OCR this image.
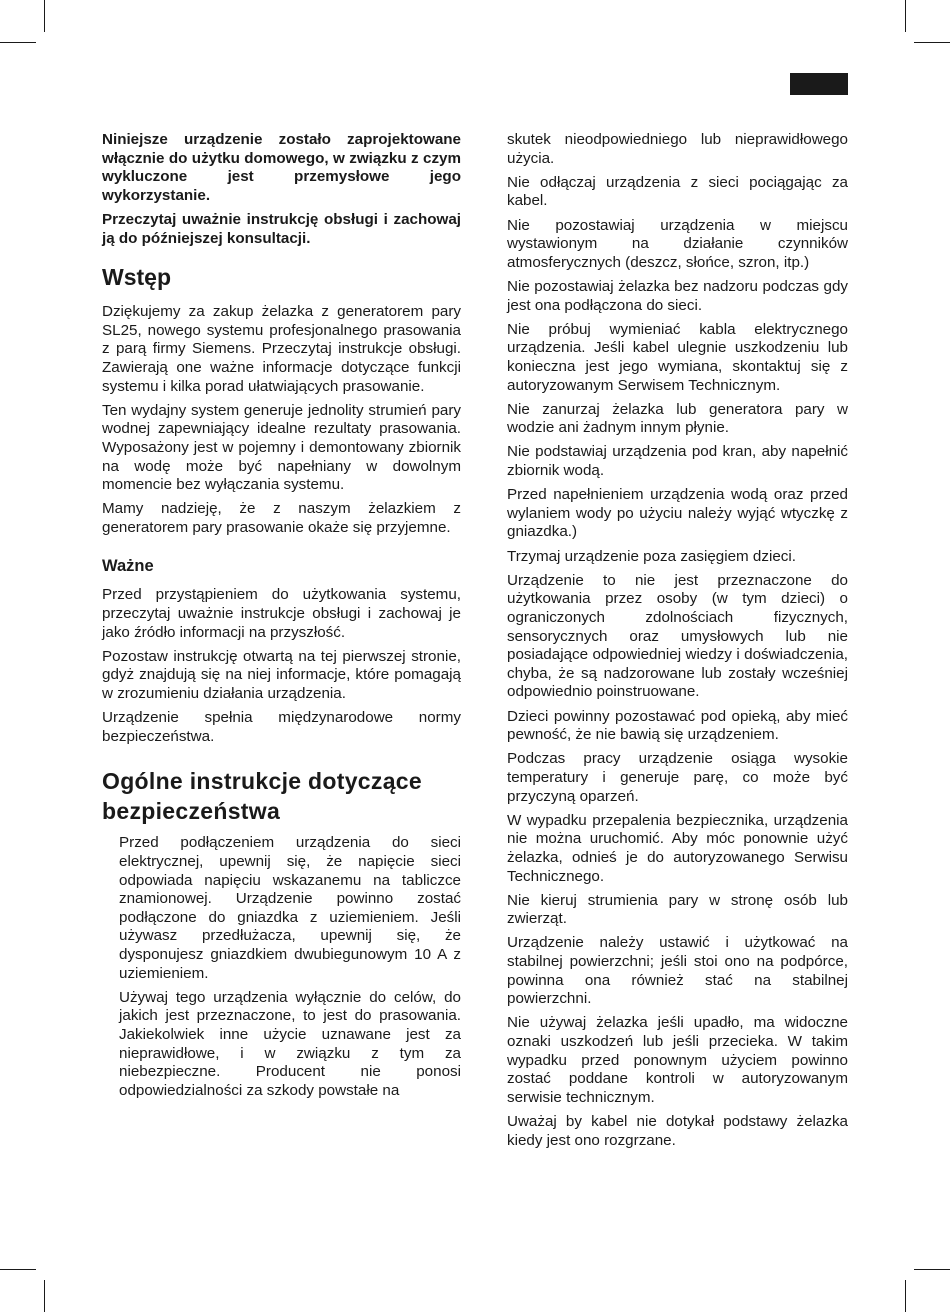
Niniejsze urządzenie zostało zaprojektowane włącznie do użytku domowego, w związku z czym wykluczone jest przemysłowe jego wykorzystanie.

Przeczytaj uważnie instrukcję obsługi i zachowaj ją do późniejszej konsultacji.

Wstęp

Dziękujemy za zakup żelazka z generatorem pary SL25, nowego systemu profesjonalnego prasowania z parą firmy Siemens. Przeczytaj instrukcje obsługi. Zawierają one ważne informacje dotyczące funkcji systemu i kilka porad ułatwiających prasowanie.

Ten wydajny system generuje jednolity strumień pary wodnej zapewniający idealne rezultaty prasowania. Wyposażony jest w pojemny i demontowany zbiornik na wodę może być napełniany w dowolnym momencie bez wyłączania systemu.

Mamy nadzieję, że z naszym żelazkiem z generatorem pary prasowanie okaże się przyjemne.

Ważne

Przed przystąpieniem do użytkowania systemu, przeczytaj uważnie instrukcje obsługi i zachowaj je jako źródło informacji na przyszłość.

Pozostaw instrukcję otwartą na tej pierwszej stronie, gdyż znajdują się na niej informacje, które pomagają w zrozumieniu działania urządzenia.

Urządzenie spełnia międzynarodowe normy bezpieczeństwa.

Ogólne instrukcje dotyczące bezpieczeństwa

Przed podłączeniem urządzenia do sieci elektrycznej, upewnij się, że napięcie sieci odpowiada napięciu wskazanemu na tabliczce znamionowej. Urządzenie powinno zostać podłączone do gniazdka z uziemieniem. Jeśli używasz przedłużacza, upewnij się, że dysponujesz gniazdkiem dwubiegunowym 10 A z uziemieniem.

Używaj tego urządzenia wyłącznie do celów, do jakich jest przeznaczone, to jest do prasowania. Jakiekolwiek inne użycie uznawane jest za nieprawidłowe, i w związku z tym za niebezpieczne. Producent nie ponosi odpowiedzialności za szkody powstałe na

skutek nieodpowiedniego lub nieprawidłowego użycia.

Nie odłączaj urządzenia z sieci pociągając za kabel.

Nie pozostawiaj urządzenia w miejscu wystawionym na działanie czynników atmosferycznych (deszcz, słońce, szron, itp.)

Nie pozostawiaj żelazka bez nadzoru podczas gdy jest ona podłączona do sieci.

Nie próbuj wymieniać kabla elektrycznego urządzenia. Jeśli kabel ulegnie uszkodzeniu lub konieczna jest jego wymiana, skontaktuj się z autoryzowanym Serwisem Technicznym.

Nie zanurzaj żelazka lub generatora pary w wodzie ani żadnym innym płynie.

Nie podstawiaj urządzenia pod kran, aby napełnić zbiornik wodą.

Przed napełnieniem urządzenia wodą oraz przed wylaniem wody po użyciu należy wyjąć wtyczkę z gniazdka.)

Trzymaj urządzenie poza zasięgiem dzieci.

Urządzenie to nie jest przeznaczone do użytkowania przez osoby (w tym dzieci) o ograniczonych zdolnościach fizycznych, sensorycznych oraz umysłowych lub nie posiadające odpowiedniej wiedzy i doświadczenia, chyba, że są nadzorowane lub zostały wcześniej odpowiednio poinstruowane.

Dzieci powinny pozostawać pod opieką, aby mieć pewność, że nie bawią się urządzeniem.

Podczas pracy urządzenie osiąga wysokie temperatury i generuje parę, co może być przyczyną oparzeń.

W wypadku przepalenia bezpiecznika, urządzenia nie można uruchomić. Aby móc ponownie użyć żelazka, odnieś je do autoryzowanego Serwisu Technicznego.

Nie kieruj strumienia pary w stronę osób lub zwierząt.

Urządzenie należy ustawić i użytkować na stabilnej powierzchni; jeśli stoi ono na podpórce, powinna ona również stać na stabilnej powierzchni.

Nie używaj żelazka jeśli upadło, ma widoczne oznaki uszkodzeń lub jeśli przecieka. W takim wypadku przed ponownym użyciem powinno zostać poddane kontroli w autoryzowanym serwisie technicznym.

Uważaj by kabel nie dotykał podstawy żelazka kiedy jest ono rozgrzane.
